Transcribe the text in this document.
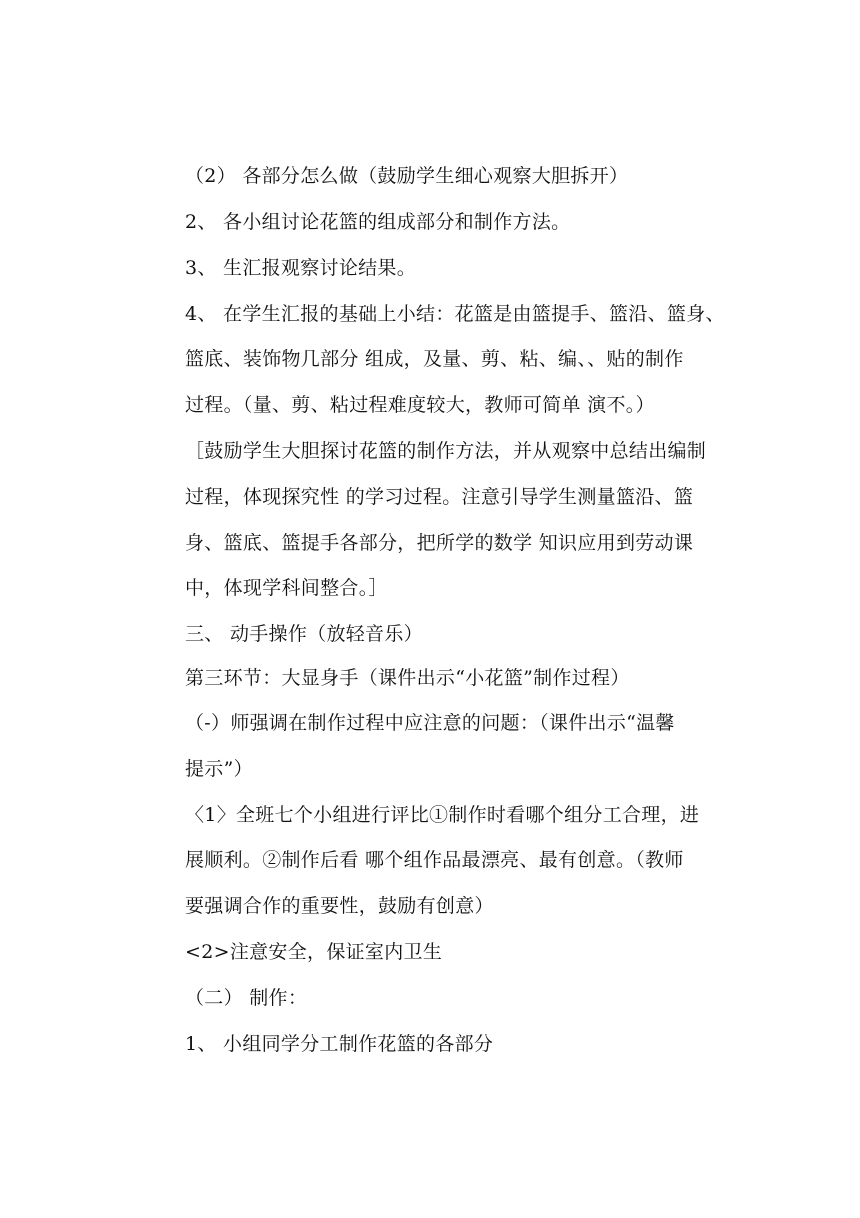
（2） 各部分怎么做（鼓励学生细心观察大胆拆开）
2、 各小组讨论花篮的组成部分和制作方法。
3、 生汇报观察讨论结果。
4、 在学生汇报的基础上小结：花篮是由篮提手、篮沿、篮身、
篮底、装饰物几部分 组成，及量、剪、粘、编、、贴的制作
过程。（量、剪、粘过程难度较大，教师可简单 演不。）
［鼓励学生大胆探讨花篮的制作方法，并从观察中总结出编制
过程，体现探究性 的学习过程。注意引导学生测量篮沿、篮
身、篮底、篮提手各部分，把所学的数学 知识应用到劳动课
中，体现学科间整合。］
三、 动手操作（放轻音乐）
第三环节：大显身手（课件出示“小花篮”制作过程）
（-）师强调在制作过程中应注意的问题：（课件出示“温馨
提示”）
〈1〉全班七个小组进行评比①制作时看哪个组分工合理，进
展顺利。②制作后看 哪个组作品最漂亮、最有创意。（教师
要强调合作的重要性，鼓励有创意）
<2>注意安全，保证室内卫生
（二） 制作：
1、 小组同学分工制作花篮的各部分
